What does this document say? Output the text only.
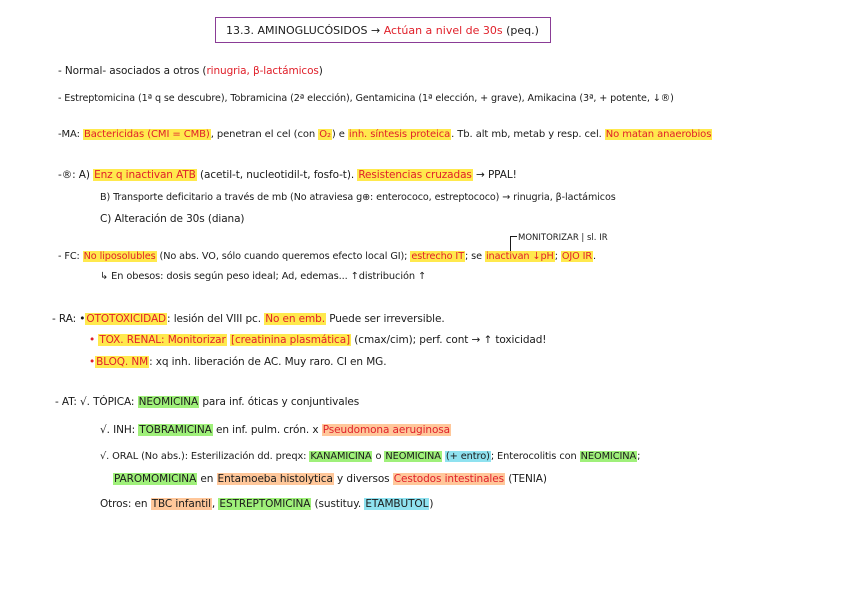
13.3. AMINOGLUCÓSIDOS → Actúan a nivel de 30s (peq.)
- Normal- asociados a otros (rinugria, β-lactámicos)
- Estreptomicina (1ª q se descubre), Tobramicina (2ª elección), Gentamicina (1ª elección, + grave), Amikacina (3ª, + potente, ↓®)
-MA: Bactericidas (CMI = CMB), penetran el cel (con O₂) e inh. síntesis proteica. Tb. alt mb, metab y resp. cel. No matan anaerobios
-®: A) Enz q inactivan ATB (acetil-t, nucleotidil-t, fosfo-t). Resistencias cruzadas → PPAL!
B) Transporte deficitario a través de mb (No atraviesa g⊕: enterococo, estreptococo) → rinugria, β-lactámicos
C) Alteración de 30s (diana)
MONITORIZAR | sl. IR
- FC: No liposolubles (No abs. VO, sólo cuando queremos efecto local GI); estrecho IT; se inactivan ↓pH; OJO IR.
↳ En obesos: dosis según peso ideal; Ad, edemas... ↑distribución ↑
- RA: •OTOTOXICIDAD: lesión del VIII pc. No en emb. Puede ser irreversible.
• TOX. RENAL: Monitorizar [creatinina plasmática] (cmax/cim); perf. cont → ↑ toxicidad!
•BLOQ. NM: xq inh. liberación de AC. Muy raro. CI en MG.
- AT: √. TÓPICA: NEOMICINA para inf. óticas y conjuntivales
√. INH: TOBRAMICINA en inf. pulm. crón. x Pseudomona aeruginosa
√. ORAL (No abs.): Esterilización dd. preqx: KANAMICINA o NEOMICINA (+ entro); Enterocolitis con NEOMICINA;
PAROMOMICINA en Entamoeba histolytica y diversos Cestodos intestinales (TENIA)
Otros: en TBC infantil, ESTREPTOMICINA (sustituy. ETAMBUTOL)
